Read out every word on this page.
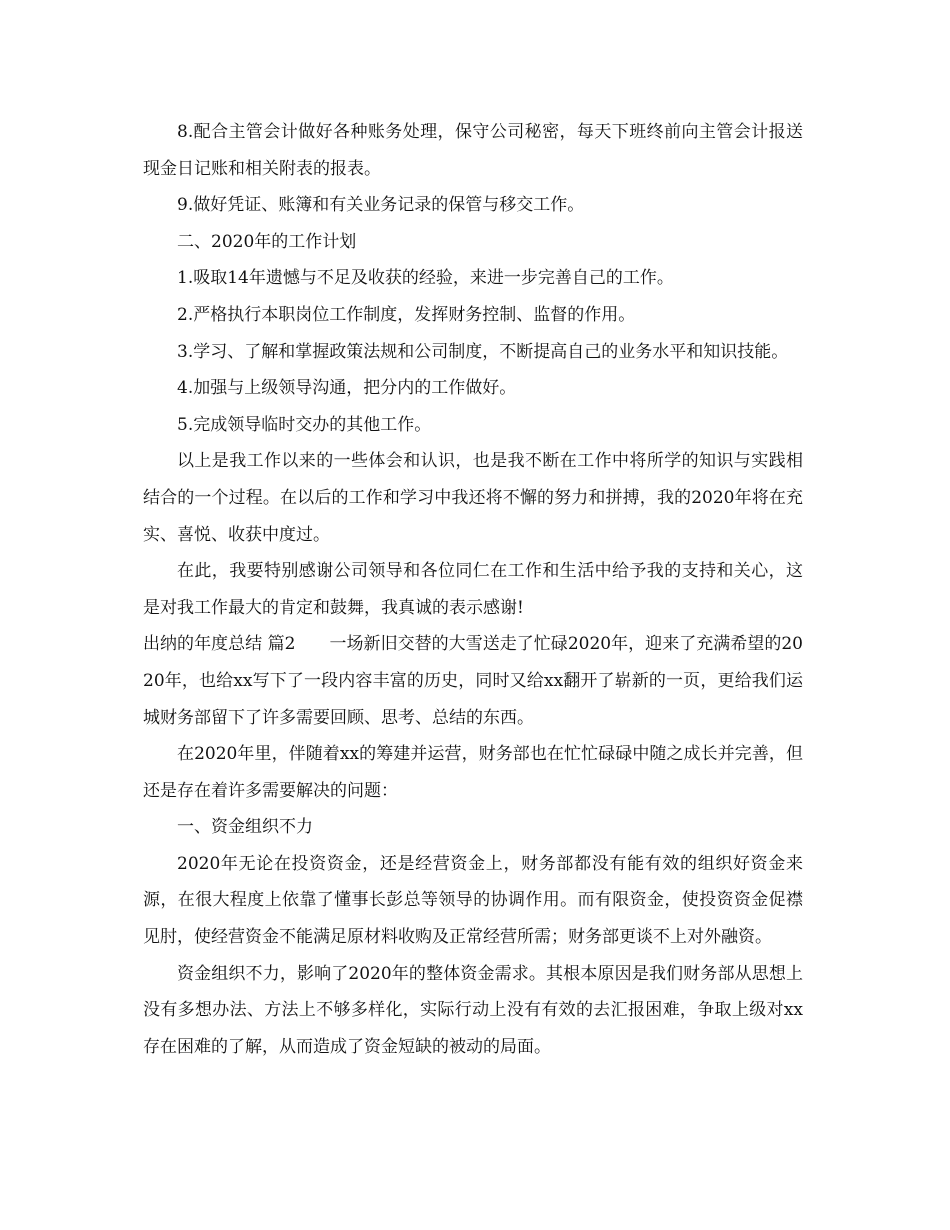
8.配合主管会计做好各种账务处理，保守公司秘密，每天下班终前向主管会计报送现金日记账和相关附表的报表。

9.做好凭证、账簿和有关业务记录的保管与移交工作。

二、2020年的工作计划

1.吸取14年遗憾与不足及收获的经验，来进一步完善自己的工作。

2.严格执行本职岗位工作制度，发挥财务控制、监督的作用。

3.学习、了解和掌握政策法规和公司制度，不断提高自己的业务水平和知识技能。

4.加强与上级领导沟通，把分内的工作做好。

5.完成领导临时交办的其他工作。

以上是我工作以来的一些体会和认识，也是我不断在工作中将所学的知识与实践相结合的一个过程。在以后的工作和学习中我还将不懈的努力和拼搏，我的2020年将在充实、喜悦、收获中度过。

在此，我要特别感谢公司领导和各位同仁在工作和生活中给予我的支持和关心，这是对我工作最大的肯定和鼓舞，我真诚的表示感谢!

出纳的年度总结 篇2　　一场新旧交替的大雪送走了忙碌2020年，迎来了充满希望的2020年，也给xx写下了一段内容丰富的历史，同时又给xx翻开了崭新的一页，更给我们运城财务部留下了许多需要回顾、思考、总结的东西。

在2020年里，伴随着xx的筹建并运营，财务部也在忙忙碌碌中随之成长并完善，但还是存在着许多需要解决的问题：

一、资金组织不力

2020年无论在投资资金，还是经营资金上，财务部都没有能有效的组织好资金来源，在很大程度上依靠了懂事长彭总等领导的协调作用。而有限资金，使投资资金促襟见肘，使经营资金不能满足原材料收购及正常经营所需；财务部更谈不上对外融资。

资金组织不力，影响了2020年的整体资金需求。其根本原因是我们财务部从思想上没有多想办法、方法上不够多样化，实际行动上没有有效的去汇报困难，争取上级对xx存在困难的了解，从而造成了资金短缺的被动的局面。
